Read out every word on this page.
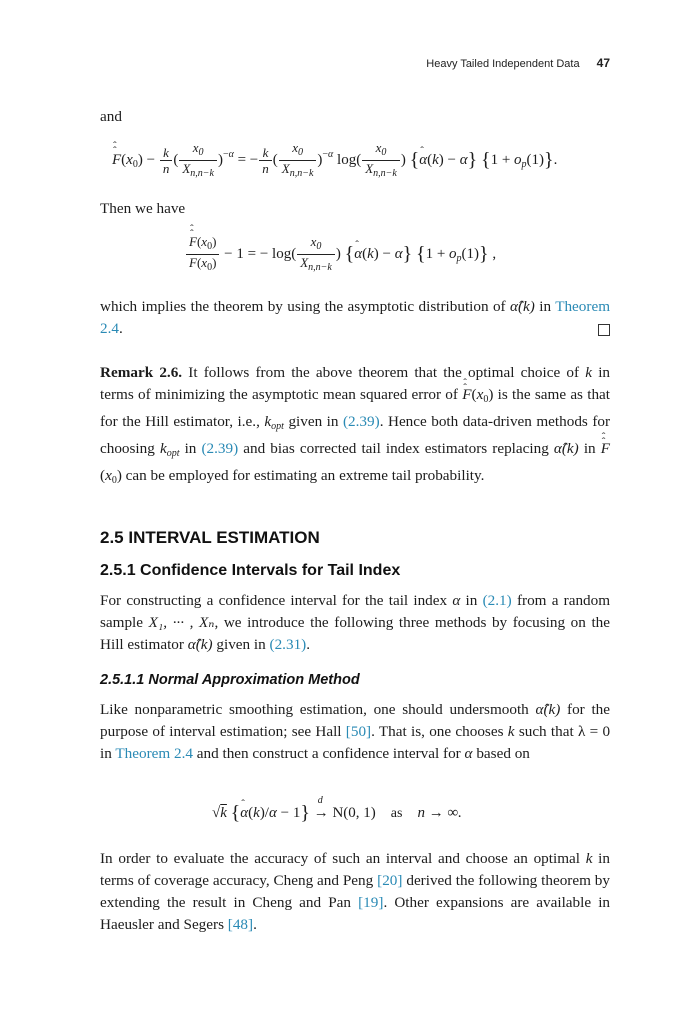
Heavy Tailed Independent Data 47

and

ˆ F $ˆ(x_0) - \frac{k}{n}$ ( $\frac{x_0}{X_{n,n-k}} )^{-\alpha}$ = − $\frac{k}{n}$ ( $\frac{x_0}{X_{n,n-k}} )^{-\alpha}$ $\log( \frac{x_0}{X_{n,n-k}}$ ) {ˆ α(k) − α} $\{1 + o_p(1)\}$.

Then we have

ˆ $\frac{F ˆ(x_0)}{\overline{F}(x_0)} - 1$ = − $\log( \frac{x_0}{X_{n,n-k}}$ ) {ˆ α(k) − α} $\{1 + o_p(1)\}$ ,

which implies the theorem by using the asymptotic distribution of α̂(k) in Theorem 2.4.

Remark 2.6. It follows from the above theorem that the optimal choice of k in terms of minimizing the asymptotic mean squared error of ˆ F $ˆ(x_0)$ is the same as that for the Hill estimator, i.e., $k_{opt}$ given in (2.39). Hence both data-driven methods for choosing $k_{opt}$ in (2.39) and bias corrected tail index estimators replacing α̂(k) in ˆ F $ˆ(x_0)$ can be employed for estimating an extreme tail probability.

2.5 INTERVAL ESTIMATION
2.5.1 Confidence Intervals for Tail Index

For constructing a confidence interval for the tail index α in (2.1) from a random sample X₁, ··· , Xₙ, we introduce the following three methods by focusing on the Hill estimator α̂(k) given in (2.31).

2.5.1.1 Normal Approximation Method

Like nonparametric smoothing estimation, one should undersmooth α̂(k) for the purpose of interval estimation; see Hall [50]. That is, one chooses k such that λ = 0 in Theorem 2.4 and then construct a confidence interval for α based on

√k {ˆ α(k)/α − 1} →
d
N(0, 1) as n → ∞.

In order to evaluate the accuracy of such an interval and choose an optimal k in terms of coverage accuracy, Cheng and Peng [20] derived the following theorem by extending the result in Cheng and Pan [19]. Other expansions are available in Haeusler and Segers [48].
